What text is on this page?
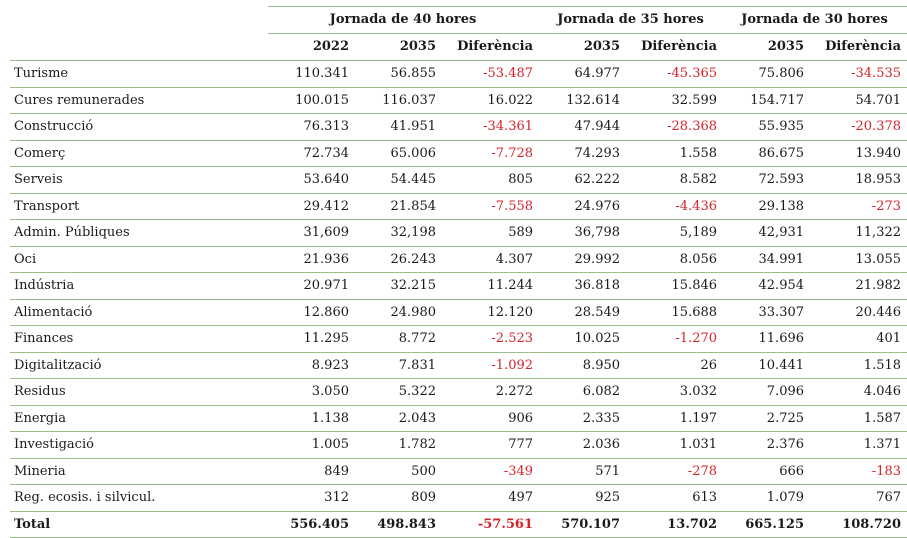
	Jornada de 40 hores			Jornada de 35 hores		Jornada de 30 hores	
	2022	2035	Diferència	2035	Diferència	2035	Diferència
Turisme	110.341	56.855	-53.487	64.977	-45.365	75.806	-34.535
Cures remunerades	100.015	116.037	16.022	132.614	32.599	154.717	54.701
Construcció	76.313	41.951	-34.361	47.944	-28.368	55.935	-20.378
Comerç	72.734	65.006	-7.728	74.293	1.558	86.675	13.940
Serveis	53.640	54.445	805	62.222	8.582	72.593	18.953
Transport	29.412	21.854	-7.558	24.976	-4.436	29.138	-273
Admin. Públiques	31,609	32,198	589	36,798	5,189	42,931	11,322
Oci	21.936	26.243	4.307	29.992	8.056	34.991	13.055
Indústria	20.971	32.215	11.244	36.818	15.846	42.954	21.982
Alimentació	12.860	24.980	12.120	28.549	15.688	33.307	20.446
Finances	11.295	8.772	-2.523	10.025	-1.270	11.696	401
Digitalització	8.923	7.831	-1.092	8.950	26	10.441	1.518
Residus	3.050	5.322	2.272	6.082	3.032	7.096	4.046
Energia	1.138	2.043	906	2.335	1.197	2.725	1.587
Investigació	1.005	1.782	777	2.036	1.031	2.376	1.371
Mineria	849	500	-349	571	-278	666	-183
Reg. ecosis. i silvicul.	312	809	497	925	613	1.079	767
Total	556.405	498.843	-57.561	570.107	13.702	665.125	108.720
